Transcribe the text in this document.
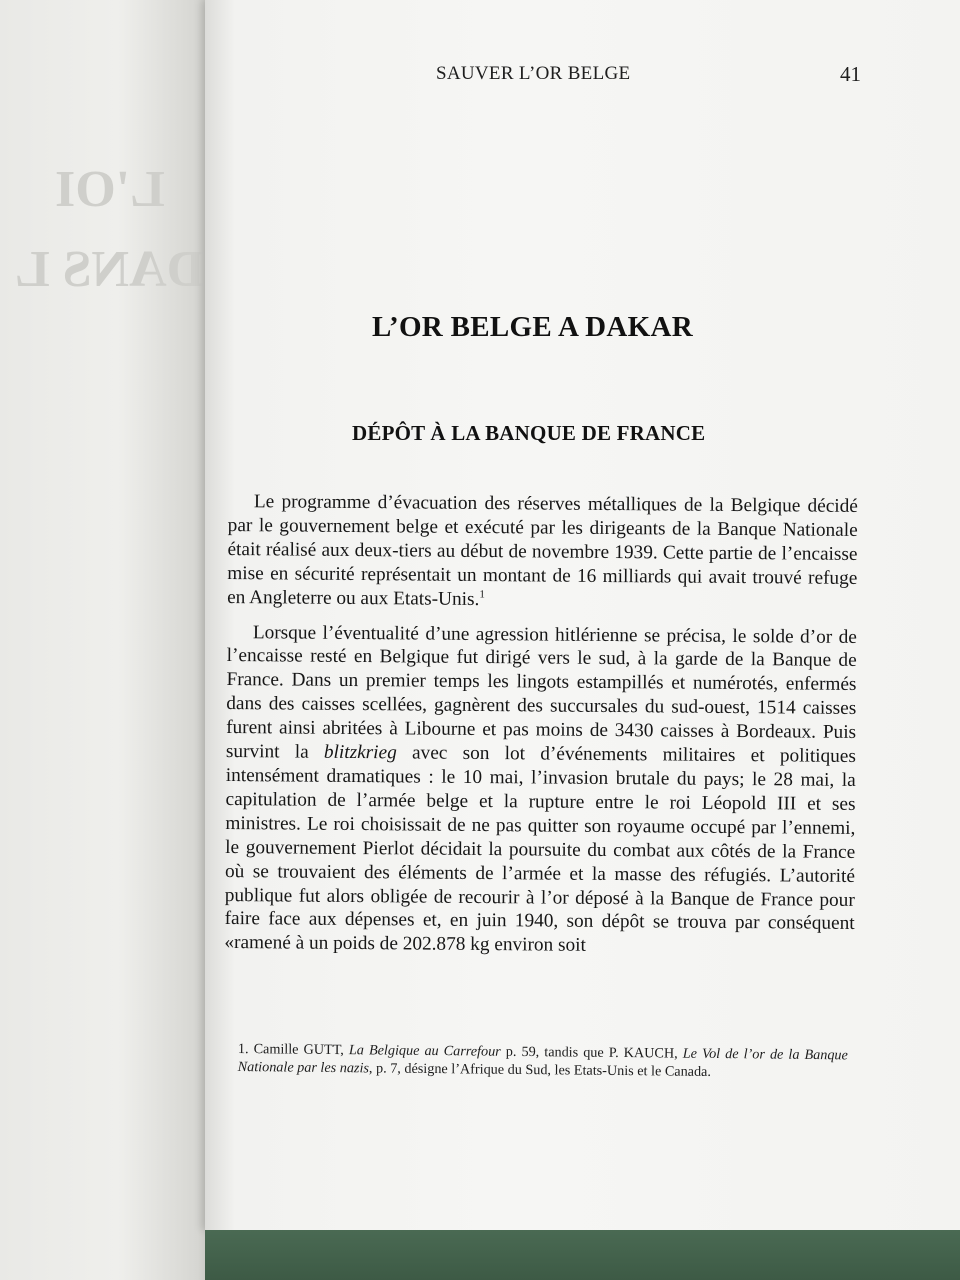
L'OI
DANS L
SAUVER L’OR BELGE	41
L’OR BELGE A DAKAR
DÉPÔT À LA BANQUE DE FRANCE

Le programme d’évacuation des réserves métalliques de la Belgique décidé par le gouvernement belge et exécuté par les dirigeants de la Banque Nationale était réalisé aux deux-tiers au début de novembre 1939. Cette partie de l’encaisse mise en sécurité représentait un montant de 16 milliards qui avait trouvé refuge en Angleterre ou aux Etats-Unis.$^1$

Lorsque l’éventualité d’une agression hitlérienne se précisa, le solde d’or de l’encaisse resté en Belgique fut dirigé vers le sud, à la garde de la Banque de France. Dans un premier temps les lingots estampillés et numérotés, enfermés dans des caisses scellées, gagnèrent des succursales du sud-ouest, 1514 caisses furent ainsi abritées à Libourne et pas moins de 3430 caisses à Bordeaux. Puis survint la blitzkrieg avec son lot d’événements militaires et politiques intensément dramatiques : le 10 mai, l’invasion brutale du pays; le 28 mai, la capitulation de l’armée belge et la rupture entre le roi Léopold III et ses ministres. Le roi choisissait de ne pas quitter son royaume occupé par l’ennemi, le gouvernement Pierlot décidait la poursuite du combat aux côtés de la France où se trouvaient des éléments de l’armée et la masse des réfugiés. L’autorité publique fut alors obligée de recourir à l’or déposé à la Banque de France pour faire face aux dépenses et, en juin 1940, son dépôt se trouva par conséquent «ramené à un poids de 202.878 kg environ soit

1. Camille GUTT, La Belgique au Carrefour p. 59, tandis que P. KAUCH, Le Vol de l’or de la Banque Nationale par les nazis, p. 7, désigne l’Afrique du Sud, les Etats-Unis et le Canada.
